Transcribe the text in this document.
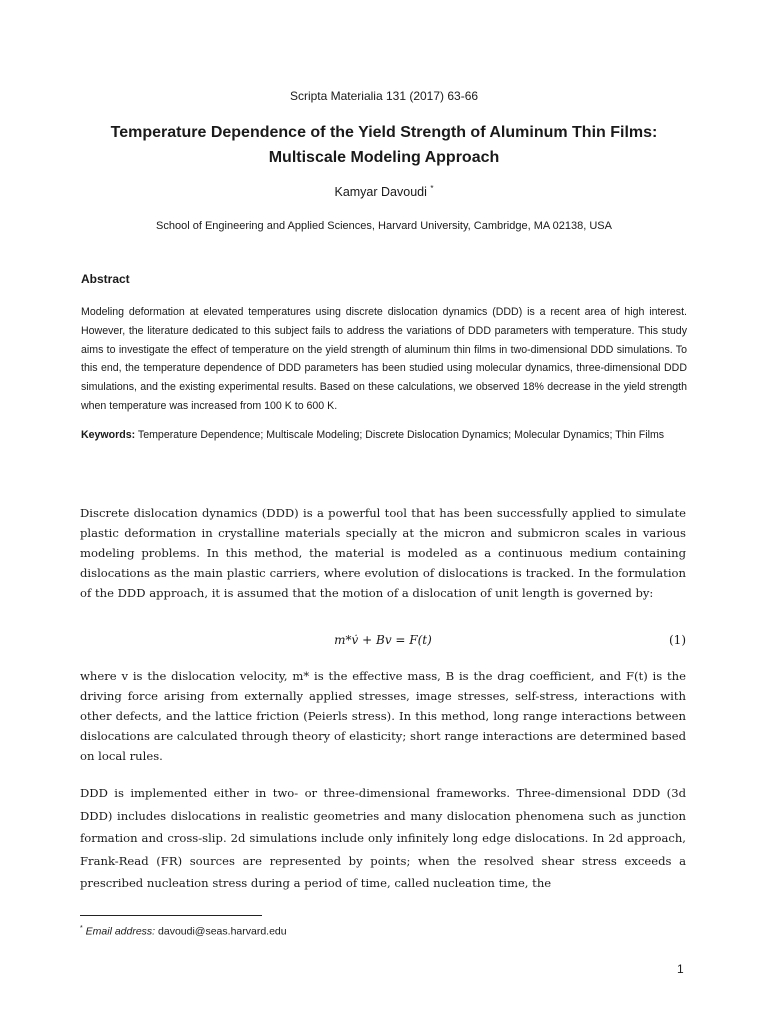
Scripta Materialia 131 (2017) 63-66
Temperature Dependence of the Yield Strength of Aluminum Thin Films:
Multiscale Modeling Approach
Kamyar Davoudi *
School of Engineering and Applied Sciences, Harvard University, Cambridge, MA 02138, USA
Abstract
Modeling deformation at elevated temperatures using discrete dislocation dynamics (DDD) is a recent area of high interest. However, the literature dedicated to this subject fails to address the variations of DDD parameters with temperature. This study aims to investigate the effect of temperature on the yield strength of aluminum thin films in two-dimensional DDD simulations. To this end, the temperature dependence of DDD parameters has been studied using molecular dynamics, three-dimensional DDD simulations, and the existing experimental results. Based on these calculations, we observed 18% decrease in the yield strength when temperature was increased from 100 K to 600 K.
Keywords: Temperature Dependence; Multiscale Modeling; Discrete Dislocation Dynamics; Molecular Dynamics; Thin Films
Discrete dislocation dynamics (DDD) is a powerful tool that has been successfully applied to simulate plastic deformation in crystalline materials specially at the micron and submicron scales in various modeling problems. In this method, the material is modeled as a continuous medium containing dislocations as the main plastic carriers, where evolution of dislocations is tracked. In the formulation of the DDD approach, it is assumed that the motion of a dislocation of unit length is governed by:
m*v̇ + Bv = F(t)	(1)
where v is the dislocation velocity, m* is the effective mass, B is the drag coefficient, and F(t) is the driving force arising from externally applied stresses, image stresses, self-stress, interactions with other defects, and the lattice friction (Peierls stress). In this method, long range interactions between dislocations are calculated through theory of elasticity; short range interactions are determined based on local rules.
DDD is implemented either in two- or three-dimensional frameworks. Three-dimensional DDD (3d DDD) includes dislocations in realistic geometries and many dislocation phenomena such as junction formation and cross-slip. 2d simulations include only infinitely long edge dislocations. In 2d approach, Frank-Read (FR) sources are represented by points; when the resolved shear stress exceeds a prescribed nucleation stress during a period of time, called nucleation time, the
* Email address: davoudi@seas.harvard.edu
1
